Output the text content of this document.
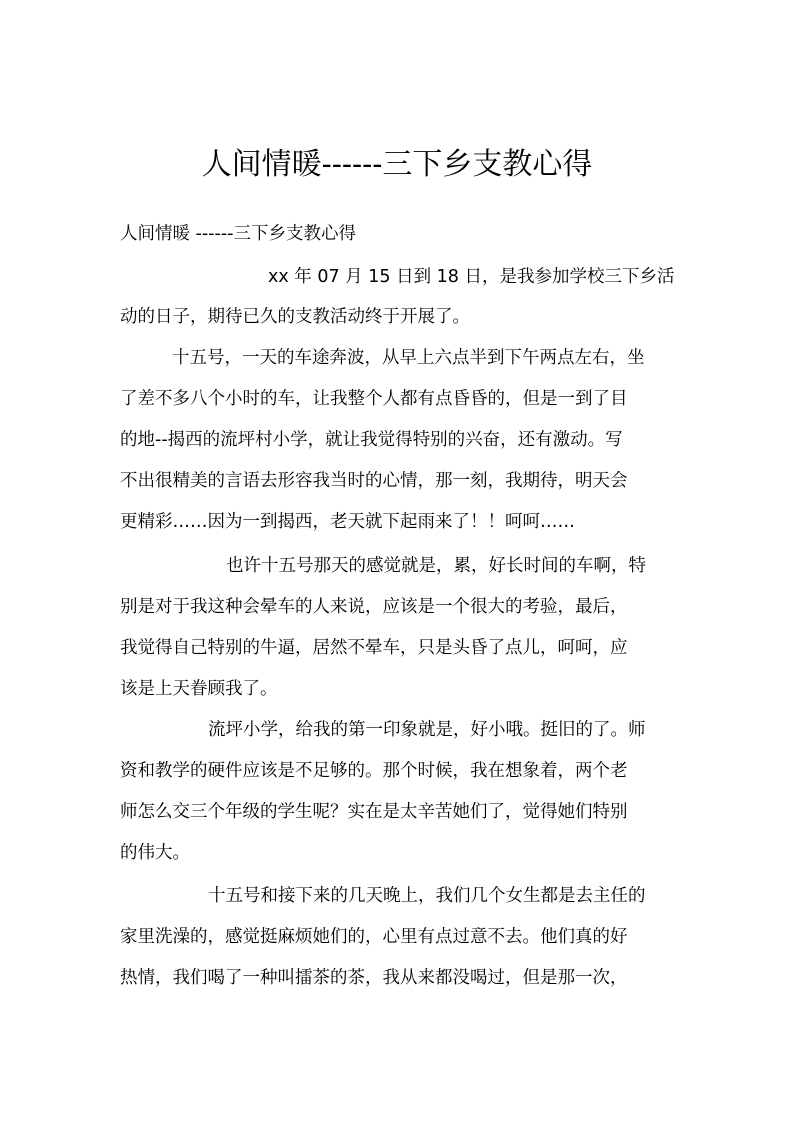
人间情暖------三下乡支教心得
人间情暖 ------三下乡支教心得
xx 年 07 月 15 日到 18 日，是我参加学校三下乡活
动的日子，期待已久的支教活动终于开展了。
十五号，一天的车途奔波，从早上六点半到下午两点左右，坐
了差不多八个小时的车，让我整个人都有点昏昏的，但是一到了目
的地--揭西的流坪村小学，就让我觉得特别的兴奋，还有激动。写
不出很精美的言语去形容我当时的心情，那一刻，我期待，明天会
更精彩……因为一到揭西，老天就下起雨来了！！呵呵……
也许十五号那天的感觉就是，累，好长时间的车啊，特
别是对于我这种会晕车的人来说，应该是一个很大的考验，最后，
我觉得自己特别的牛逼，居然不晕车，只是头昏了点儿，呵呵，应
该是上天眷顾我了。
流坪小学，给我的第一印象就是，好小哦。挺旧的了。师
资和教学的硬件应该是不足够的。那个时候，我在想象着，两个老
师怎么交三个年级的学生呢？实在是太辛苦她们了，觉得她们特别
的伟大。
十五号和接下来的几天晚上，我们几个女生都是去主任的
家里洗澡的，感觉挺麻烦她们的，心里有点过意不去。他们真的好
热情，我们喝了一种叫擂茶的茶，我从来都没喝过，但是那一次，
